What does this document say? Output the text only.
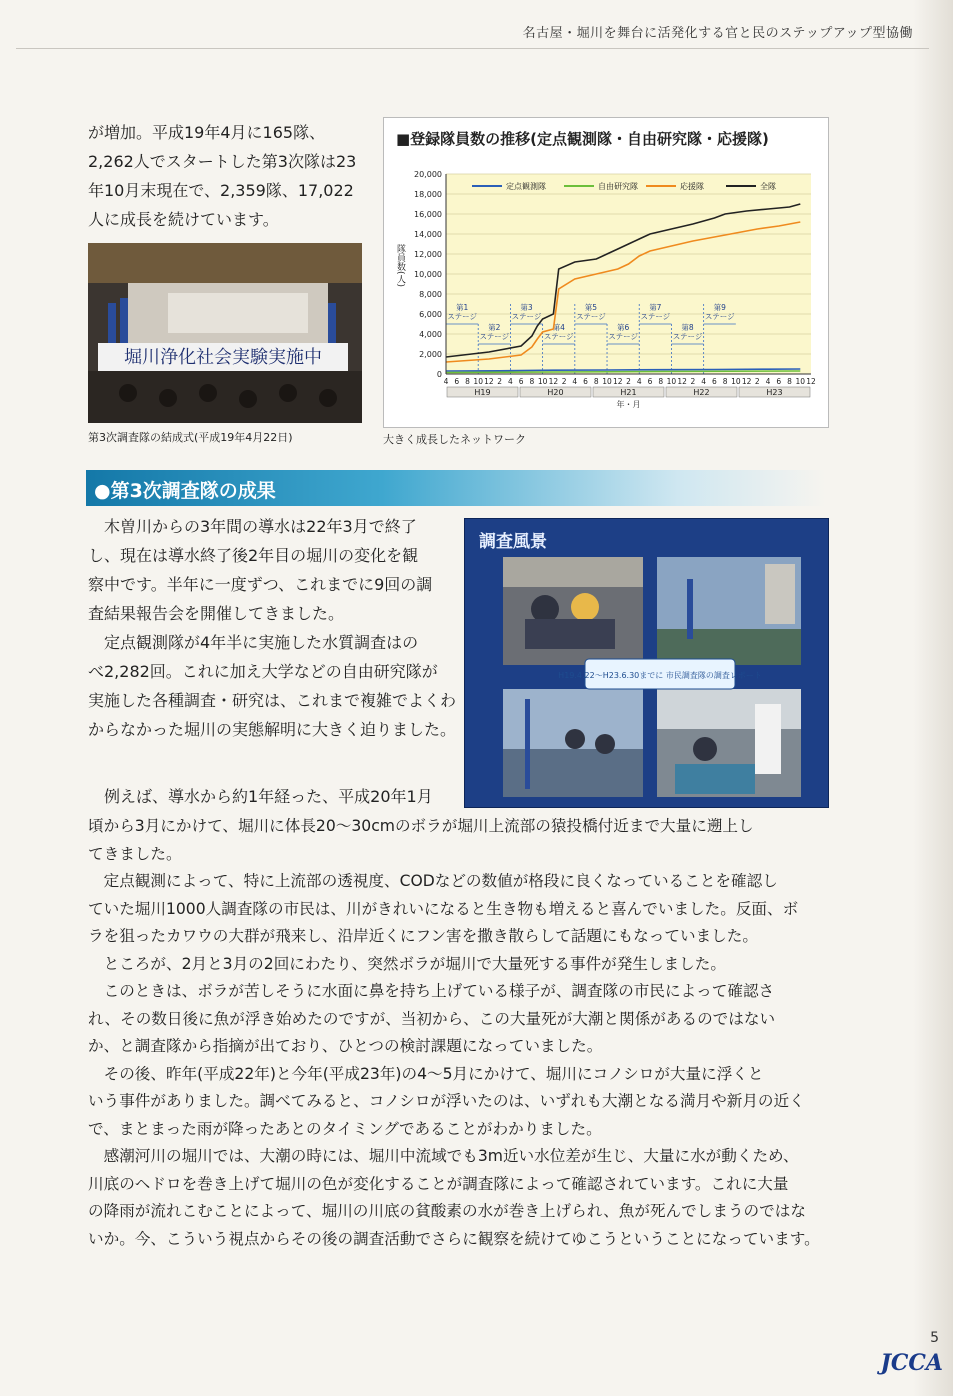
名古屋・堀川を舞台に活発化する官と民のステップアップ型協働
が増加。平成19年4月に165隊、
2,262人でスタートした第3次隊は23
年10月末現在で、2,359隊、17,022
人に成長を続けています。
堀川浄化社会実験実施中
第3次調査隊の結成式(平成19年4月22日)
■登録隊員数の推移(定点観測隊・自由研究隊・応援隊)
第1
ステージ
第2
ステージ
第3
ステージ
第4
ステージ
第5
ステージ
第6
ステージ
第7
ステージ
第8
ステージ
第9
ステージ
0
2,000
4,000
6,000
8,000
10,000
12,000
14,000
16,000
18,000
20,000
隊員数(人)
4 6 8 10 12 2 4 6 8 10 12 2 4 6 8 10 12 2 4 6 8 10 12 2 4 6 8 10 12 2 4 6 8 10 12
H19	H20	H21	H22	H23
年・月
定点観測隊	自由研究隊	応援隊	全隊
大きく成長したネットワーク
●第3次調査隊の成果
木曽川からの3年間の導水は22年3月で終了
し、現在は導水終了後2年目の堀川の変化を観
察中です。半年に一度ずつ、これまでに9回の調
査結果報告会を開催してきました。
定点観測隊が4年半に実施した水質調査はの
べ2,282回。これに加え大学などの自由研究隊が
実施した各種調査・研究は、これまで複雑でよくわ
からなかった堀川の実態解明に大きく迫りました。
例えば、導水から約1年経った、平成20年1月
調査風景
H19.4.22〜H23.6.30までに 市民調査隊の調査レポート
頃から3月にかけて、堀川に体長20〜30cmのボラが堀川上流部の猿投橋付近まで大量に遡上し
てきました。
定点観測によって、特に上流部の透視度、CODなどの数値が格段に良くなっていることを確認し
ていた堀川1000人調査隊の市民は、川がきれいになると生き物も増えると喜んでいました。反面、ボ
ラを狙ったカワウの大群が飛来し、沿岸近くにフン害を撒き散らして話題にもなっていました。
ところが、2月と3月の2回にわたり、突然ボラが堀川で大量死する事件が発生しました。
このときは、ボラが苦しそうに水面に鼻を持ち上げている様子が、調査隊の市民によって確認さ
れ、その数日後に魚が浮き始めたのですが、当初から、この大量死が大潮と関係があるのではない
か、と調査隊から指摘が出ており、ひとつの検討課題になっていました。
その後、昨年(平成22年)と今年(平成23年)の4〜5月にかけて、堀川にコノシロが大量に浮くと
いう事件がありました。調べてみると、コノシロが浮いたのは、いずれも大潮となる満月や新月の近く
で、まとまった雨が降ったあとのタイミングであることがわかりました。
感潮河川の堀川では、大潮の時には、堀川中流域でも3m近い水位差が生じ、大量に水が動くため、
川底のヘドロを巻き上げて堀川の色が変化することが調査隊によって確認されています。これに大量
の降雨が流れこむことによって、堀川の川底の貧酸素の水が巻き上げられ、魚が死んでしまうのではな
いか。今、こういう視点からその後の調査活動でさらに観察を続けてゆこうということになっています。
5
JCCA
